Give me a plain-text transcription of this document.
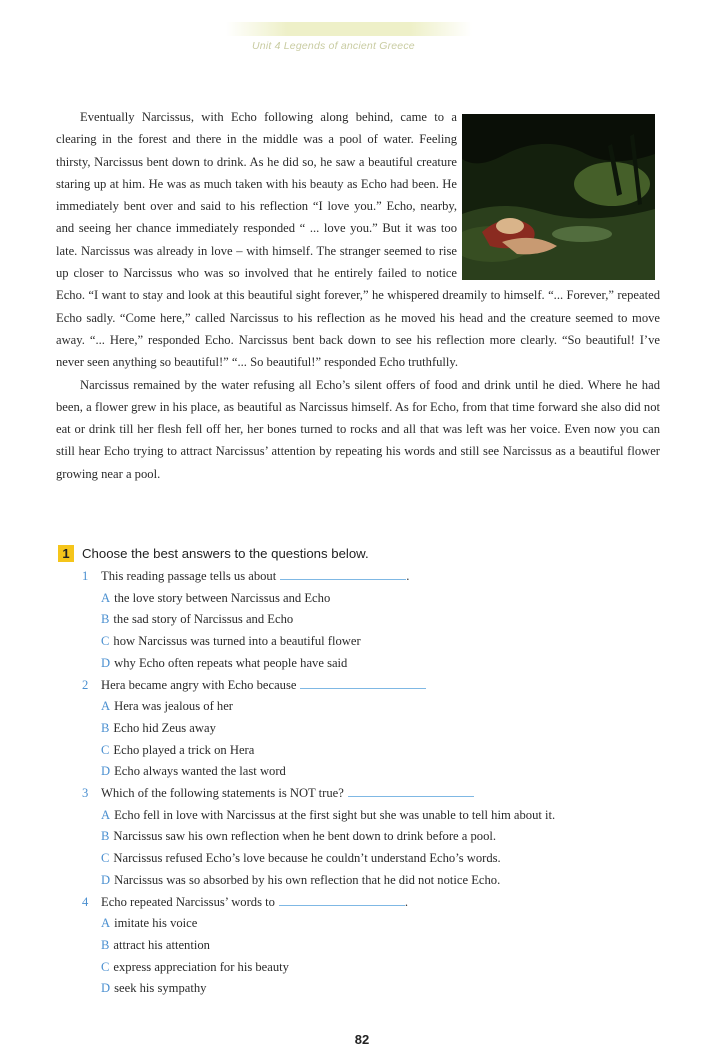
Unit 4 Legends of ancient Greece

Eventually Narcissus, with Echo following along behind, came to a clearing in the forest and there in the middle was a pool of water. Feeling thirsty, Narcissus bent down to drink. As he did so, he saw a beautiful creature staring up at him. He was as much taken with his beauty as Echo had been. He immediately bent over and said to his reflection “I love you.” Echo, nearby, and seeing her chance immediately responded “ ... love you.” But it was too late. Narcissus was already in love – with himself. The stranger seemed to rise up closer to Narcissus who was so involved that he entirely failed to notice Echo. “I want to stay and look at this beautiful sight forever,” he whispered dreamily to himself. “... Forever,” repeated Echo sadly. “Come here,” called Narcissus to his reflection as he moved his head and the creature seemed to move away. “... Here,” responded Echo. Narcissus bent back down to see his reflection more clearly. “So beautiful! I’ve never seen anything so beautiful!” “... So beautiful!” responded Echo truthfully.

Narcissus remained by the water refusing all Echo’s silent offers of food and drink until he died. Where he had been, a flower grew in his place, as beautiful as Narcissus himself. As for Echo, from that time forward she also did not eat or drink till her flesh fell off her, her bones turned to rocks and all that was left was her voice. Even now you can still hear Echo trying to attract Narcissus’ attention by repeating his words and still see Narcissus as a beautiful flower growing near a pool.

1 Choose the best answers to the questions below.
1 This reading passage tells us about	.
A the love story between Narcissus and Echo
B the sad story of Narcissus and Echo
C how Narcissus was turned into a beautiful flower
D why Echo often repeats what people have said
2 Hera became angry with Echo because
A Hera was jealous of her
B Echo hid Zeus away
C Echo played a trick on Hera
D Echo always wanted the last word
3 Which of the following statements is NOT true?
A Echo fell in love with Narcissus at the first sight but she was unable to tell him about it.
B Narcissus saw his own reflection when he bent down to drink before a pool.
C Narcissus refused Echo’s love because he couldn’t understand Echo’s words.
D Narcissus was so absorbed by his own reflection that he did not notice Echo.
4 Echo repeated Narcissus’ words to	.
A imitate his voice
B attract his attention
C express appreciation for his beauty
D seek his sympathy
82
